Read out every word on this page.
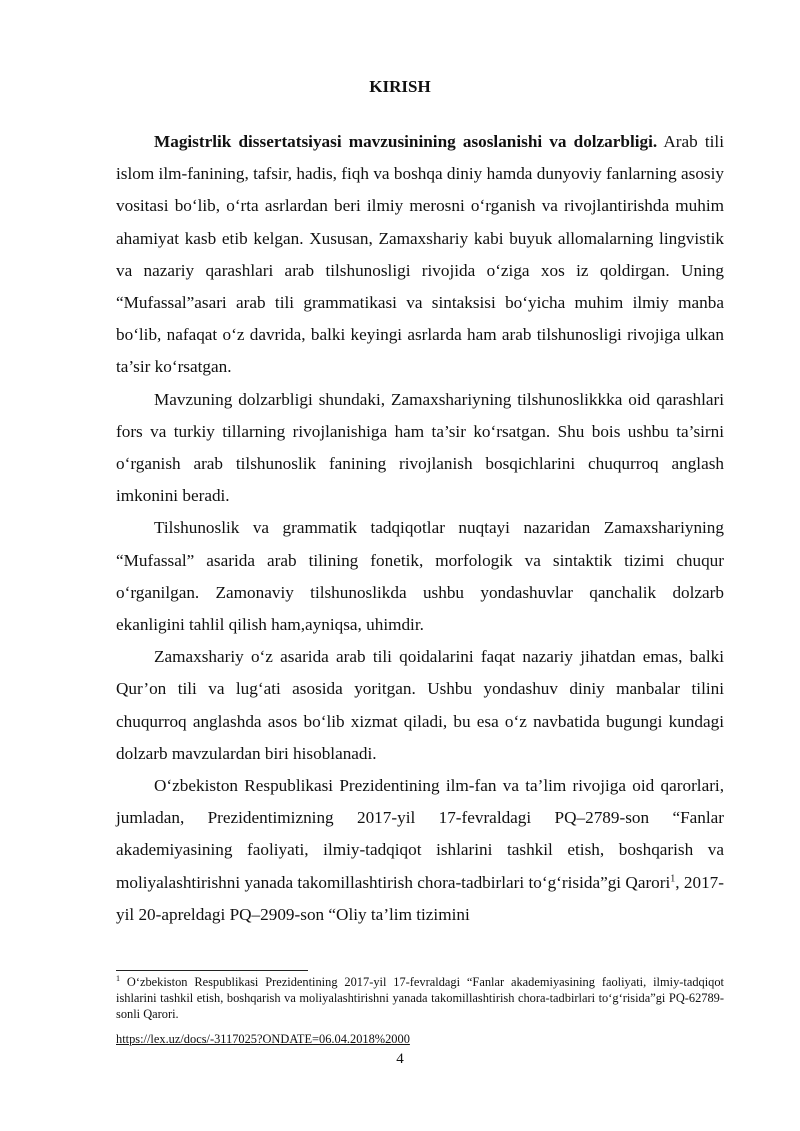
KIRISH

Magistrlik dissertatsiyasi mavzusinining asoslanishi va dolzarbligi. Arab tili islom ilm-fanining, tafsir, hadis, fiqh va boshqa diniy hamda dunyoviy fanlarning asosiy vositasi bo‘lib, o‘rta asrlardan beri ilmiy merosni o‘rganish va rivojlantirishda muhim ahamiyat kasb etib kelgan. Xususan, Zamaxshariy kabi buyuk allomalarning lingvistik va nazariy qarashlari arab tilshunosligi rivojida o‘ziga xos iz qoldirgan. Uning “Mufassal”asari arab tili grammatikasi va sintaksisi bo‘yicha muhim ilmiy manba bo‘lib, nafaqat o‘z davrida, balki keyingi asrlarda ham arab tilshunosligi rivojiga ulkan ta’sir ko‘rsatgan.

Mavzuning dolzarbligi shundaki, Zamaxshariyning tilshunoslikkka oid qarashlari fors va turkiy tillarning rivojlanishiga ham ta’sir ko‘rsatgan. Shu bois ushbu ta’sirni o‘rganish arab tilshunoslik fanining rivojlanish bosqichlarini chuqurroq anglash imkonini beradi.

Tilshunoslik va grammatik tadqiqotlar nuqtayi nazaridan Zamaxshariyning “Mufassal” asarida arab tilining fonetik, morfologik va sintaktik tizimi chuqur o‘rganilgan. Zamonaviy tilshunoslikda ushbu yondashuvlar qanchalik dolzarb ekanligini tahlil qilish ham,ayniqsa, uhimdir.

Zamaxshariy o‘z asarida arab tili qoidalarini faqat nazariy jihatdan emas, balki Qur’on tili va lug‘ati asosida yoritgan. Ushbu yondashuv diniy manbalar tilini chuqurroq anglashda asos bo‘lib xizmat qiladi, bu esa o‘z navbatida bugungi kundagi dolzarb mavzulardan biri hisoblanadi.

O‘zbekiston Respublikasi Prezidentining ilm-fan va ta’lim rivojiga oid qarorlari, jumladan, Prezidentimizning 2017-yil 17-fevraldagi PQ–2789-son “Fanlar akademiyasining faoliyati, ilmiy-tadqiqot ishlarini tashkil etish, boshqarish va moliyalashtirishni yanada takomillashtirish chora-tadbirlari to‘g‘risida”gi Qarori$^1$, 2017-yil 20-apreldagi PQ–2909-son “Oliy ta’lim tizimini

$^1$ O‘zbekiston Respublikasi Prezidentining 2017-yil 17-fevraldagi “Fanlar akademiyasining faoliyati, ilmiy-tadqiqot ishlarini tashkil etish, boshqarish va moliyalashtirishni yanada takomillashtirish chora-tadbirlari to‘g‘risida”gi PQ-62789-sonli Qarori.

https://lex.uz/docs/-3117025?ONDATE=06.04.2018%2000
4
